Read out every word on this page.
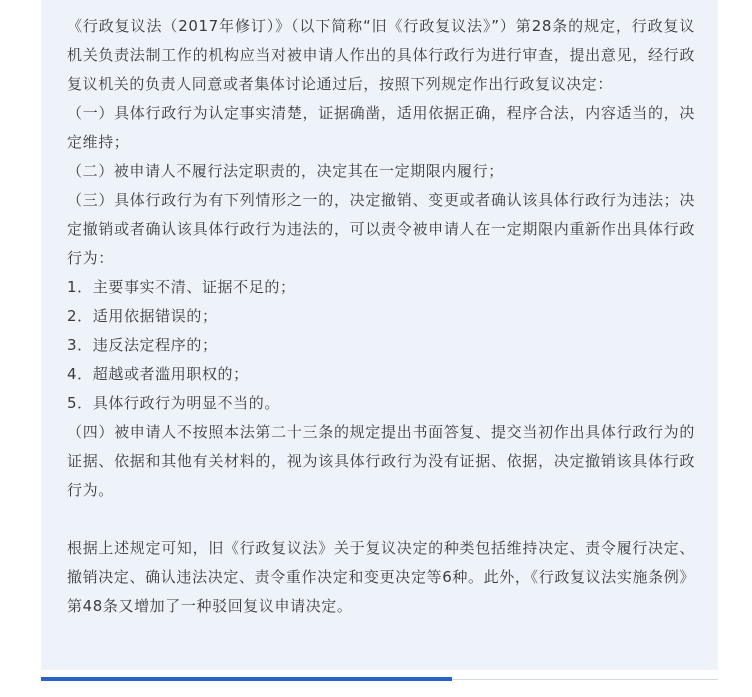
《行政复议法（2017年修订）》（以下简称“旧《行政复议法》”）第28条的规定，行政复议机关负责法制工作的机构应当对被申请人作出的具体行政行为进行审查，提出意见，经行政复议机关的负责人同意或者集体讨论通过后，按照下列规定作出行政复议决定：

（一）具体行政行为认定事实清楚，证据确凿，适用依据正确，程序合法，内容适当的，决定维持；

（二）被申请人不履行法定职责的，决定其在一定期限内履行；

（三）具体行政行为有下列情形之一的，决定撤销、变更或者确认该具体行政行为违法；决定撤销或者确认该具体行政行为违法的，可以责令被申请人在一定期限内重新作出具体行政行为：

1．主要事实不清、证据不足的；

2．适用依据错误的；

3．违反法定程序的；

4．超越或者滥用职权的；

5．具体行政行为明显不当的。

（四）被申请人不按照本法第二十三条的规定提出书面答复、提交当初作出具体行政行为的证据、依据和其他有关材料的，视为该具体行政行为没有证据、依据，决定撤销该具体行政行为。

根据上述规定可知，旧《行政复议法》关于复议决定的种类包括维持决定、责令履行决定、撤销决定、确认违法决定、责令重作决定和变更决定等6种。此外，《行政复议法实施条例》第48条又增加了一种驳回复议申请决定。
